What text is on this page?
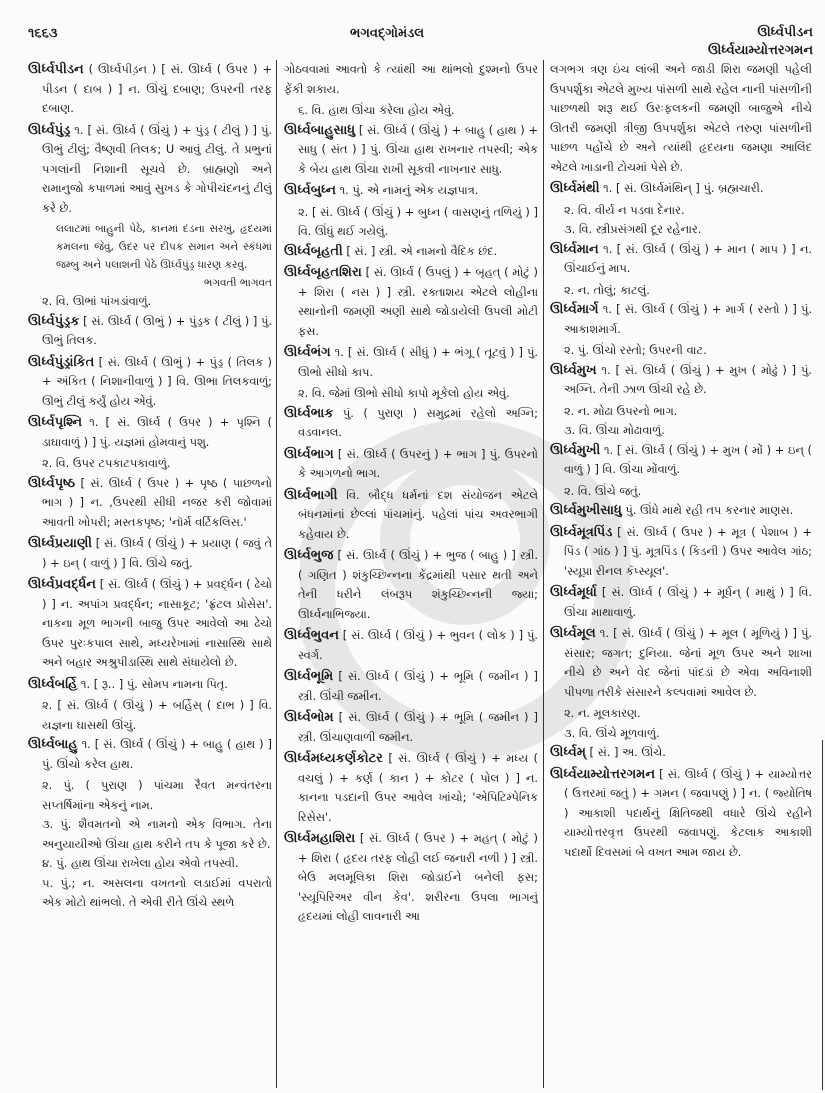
૧૬૬૩	ભગવદ્ગોમંડલ	ઊર્ધ્વપીડન
ઊર્ધ્વયામ્યોત્તરગમન
ઊર્ધ્વપીડન ( ઊર્ધ્વપીડ઼ન ) [ સં. ઊર્ધ્વ ( ઉપર ) + પીડન ( દાબ ) ] ન. ઊંચું દબાણ; ઉપરની તરફ દબાણ.
ઊર્ધ્વપુંડ્ર ૧. [ સં. ઊર્ધ્વ ( ઊંચું ) + પુંડ્ર ( ટીલું ) ] પું. ઊભું ટીલું; વૈષ્ણવી તિલક; U આવું ટીલું. તે પ્રભુનાં પગલાંની નિશાની સૂચવે છે. બ્રાહ્મણો અને રામાનુજો કપાળમાં આવું સુખડ કે ગોપીચંદનનું ટીલું કરે છે.
લલાટમાં બાહુની પેઠે, કાનમાં દંડના સરખું, હૃદયમાં કમલના જેવું, ઉદર પર દીપક સમાન અને સ્કંધમાં જમ્બુ અને પલાશની પેઠે ઊર્ધ્વપુંડ્ર ધારણ કરવું.
ભગવતી ભાગવત
૨. વિ. ઊભાં પાંખડાંવાળું.
ઊર્ધ્વપુંડ્રક [ સં. ઊર્ધ્વ ( ઊભું ) + પુંડ્રક ( ટીલું ) ] પું. ઊભું તિલક.
ઊર્ધ્વપુંડ્રાંકિત [ સં. ઊર્ધ્વ ( ઊભું ) + પુંડ્ર ( તિલક ) + અંકિત ( નિશાનીવાળું ) ] વિ. ઊભા તિલકવાળું; ઊભું ટીલું કર્યું હોય એવું.
ઊર્ધ્વપૃશ્નિ ૧. [ સં. ઊર્ધ્વ ( ઉપર ) + પૃશ્નિ ( ડાઘાવાળું ) ] પું. યજ્ઞમાં હોમવાનું પશુ.
૨. વિ. ઉપર ટપકાટપકાવાળું.
ઊર્ધ્વપૃષ્ઠ [ સં. ઊર્ધ્વ ( ઉપર ) + પૃષ્ઠ ( પાછળનો ભાગ ) ] ન. ,ઉપરથી સીધી નજર કરી જોવામાં આવતી ખોપરી; મસ્તકપૃષ્ઠ; 'નૉર્મ વર્ટિકલિસ.'
ઊર્ધ્વપ્રયાણી [ સં. ઊર્ધ્વ ( ઊંચું ) + પ્રયાણ ( જવું તે ) + ઇન્ ( વાળું ) ] વિ. ઊંચે જતું.
ઊર્ધ્વપ્રવર્દ્ધન [ સં. ઊર્ધ્વ ( ઊંચું ) + પ્રવર્દ્ધન ( ઢેચો ) ] ન. અપાંગ પ્રવર્દ્ધન; નાસાકૂટ; 'ફ્રંટલ પ્રોસેસ'. નાકના મૂળ ભાગની બાજુ ઉપર આવેલો આ ઢેચો ઉપર પુરઃકપાલ સાથે, મધ્યરેખામાં નાસાસ્થિ સાથે અને બહાર અશ્રુપીડાસ્થિ સાથે સંધાયેલો છે.
ઊર્ધ્વબર્હિ ૧. [ રૂ.. ] પું. સોમપ નામના પિતૃ.
૨. [ સં. ઊર્ધ્વ ( ઊંચું ) + બર્હિસ્ ( દાભ ) ] વિ. યજ્ઞના ઘાસથી ઊંચું.
ઊર્ધ્વબાહુ ૧. [ સં. ઊર્ધ્વ ( ઊંચું ) + બાહુ ( હાથ ) ] પું. ઊંચો કરેલ હાથ.
૨. પું. ( પુરાણ ) પાંચમા રૈવત મન્વંતરના સપ્તર્ષિમાંના એકનું નામ.
૩. પું. શૈવમતનો એ નામનો એક વિભાગ. તેના અનુયાયીઓ ઊંચા હાથ કરીને તપ કે પૂજા કરે છે.
૪. પું. હાથ ઊંચા રાખેલા હોય એવો તપસ્વી.
૫. પું.; ન. અસલના વખતનો લડાઈમાં વપરાતો એક મોટો થાંભલો. તે એવી રીતે ઊંચે સ્થળે
ગોઠવવામાં આવતો કે ત્યાંથી આ થાંભલો દુશ્મનો ઉપર ફેંકી શકાય.
૬. વિ. હાથ ઊંચા કરેલા હોય એવું.
ઊર્ધ્વબાહુસાધુ [ સં. ઊર્ધ્વ ( ઊંચું ) + બાહુ ( હાથ ) + સાધુ ( સંત ) ] પું. ઊંચા હાથ રાખનાર તપસ્વી; એક કે બેય હાથ ઊંચા રાખી સૂકવી નાખનાર સાધુ.
ઊર્ધ્વબુધ્ન ૧. પું. એ નામનું એક યજ્ઞપાત્ર.
૨. [ સં. ઊર્ધ્વ ( ઊંચું ) + બુધ્ન ( વાસણનું તળિયું ) ] વિ. ઊંધું થઈ ગયેલું.
ઊર્ધ્વબૃહતી [ સં. ] સ્ત્રી. એ નામનો વૈદિક છંદ.
ઊર્ધ્વબૃહતશિરા [ સં. ઊર્ધ્વ ( ઉપલું ) + બૃહત્ ( મોટું ) + શિરા ( નસ ) ] સ્ત્રી. રક્તાશય એટલે લોહીના સ્થાનોની જમણી અણી સાથે જોડાયેલી ઉપલી મોટી ફસ.
ઊર્ધ્વભંગ ૧. [ સં. ઊર્ધ્વ ( સીધું ) + ભંગૂ ( તૂટવું ) ] પું. ઊભો સીધો કાપ.
૨. વિ. જેમાં ઊભો સીધો કાપો મૂકેલો હોય એવું.
ઊર્ધ્વભાક પું. ( પુરાણ ) સમુદ્રમાં રહેલો અગ્નિ; વડવાનલ.
ઊર્ધ્વભાગ [ સં. ઊર્ધ્વ ( ઉપરનું ) + ભાગ ] પું. ઉપરનો કે આગળનો ભાગ.
ઊર્ધ્વભાગી વિ. બૌદ્ધ ધર્મનાં દશ સંયોજન એટલે બંધનમાંનાં છેલ્લાં પાંચમાંનું. પહેલાં પાંચ અવરભાગી કહેવાય છે.
ઊર્ધ્વભુજ [ સં. ઊર્ધ્વ ( ઊંચું ) + ભુજ ( બાહુ ) ] સ્ત્રી. ( ગણિત ) શંકુચ્છિન્નના કેંદ્રમાંથી પસાર થતી અને તેની ધરીને લંબરૂપ શંકુચ્છિન્નની જ્યા; ઊર્ધ્વનાભિજ્યા.
ઊર્ધ્વભુવન [ સં. ઊર્ધ્વ ( ઊંચું ) + ભુવન ( લોક ) ] પું. સ્વર્ગ.
ઊર્ધ્વભૂમિ [ સં. ઊર્ધ્વ ( ઊંચું ) + ભૂમિ ( જમીન ) ] સ્ત્રી. ઊંચી જમીન.
ઊર્ધ્વભોમ [ સં. ઊર્ધ્વ ( ઊંચું ) + ભૂમિ ( જમીન ) ] સ્ત્રી. ઊંચાણવાળી જમીન.
ઊર્ધ્વમધ્યકર્ણકોટર [ સં. ઊર્ધ્વ ( ઊંચું ) + મધ્ય ( વચલું ) + કર્ણ ( કાન ) + કોટર ( પોલ ) ] ન. કાનના પડદાની ઉપર આવેલ ખાંચો; 'એપિટિમ્પેનિક રિસેસ'.
ઊર્ધ્વમહાશિરા [ સં. ઊર્ધ્વ ( ઉપર ) + મહત્ ( મોટું ) + શિરા ( હૃદય તરફ લોહી લઈ જનારી નળી ) ] સ્ત્રી. બેઉ મલમૂલિકા શિરા જોડાઈને બનેલી ફસ; 'સ્યૂપિરિઅર વીન કેવ'. શરીરના ઉપલા ભાગનું હૃદયમાં લોહી લાવનારી આ
લગભગ ત્રણ ઇંચ લાંબી અને જાડી શિરા જમણી પહેલી ઉપપર્શુકા એટલે મુખ્ય પાંસળી સાથે રહેલ નાની પાંસળીની પાછળથી શરૂ થઈ ઉરઃફલકની જમણી બાજુએ નીચે ઊતરી જમણી ત્રીજી ઉપપર્શુકા એટલે તરુણ પાંસળીની પાછળ પહોંચે છે અને ત્યાંથી હૃદયના જમણા આલિંદ એટલે ખાડાની ટોચમાં પેસે છે.
ઊર્ધ્વમંથી ૧. [ સં. ઊર્ધ્વમંથિન્ ] પું. બ્રહ્મચારી.
૨. વિ. વીર્ય ન પડવા દેનાર.
૩. વિ. સ્ત્રીપ્રસંગથી દૂર રહેનાર.
ઊર્ધ્વમાન ૧. [ સં. ઊર્ધ્વ ( ઊંચું ) + માન ( માપ ) ] ન. ઊંચાઈનું માપ.
૨. ન. તોલું; કાટલું.
ઊર્ધ્વમાર્ગ ૧. [ સં. ઊર્ધ્વ ( ઊંચું ) + માર્ગ ( રસ્તો ) ] પું. આકાશમાર્ગ.
૨. પું. ઊંચો રસ્તો; ઉપરની વાટ.
ઊર્ધ્વમુખ ૧. [ સં. ઊર્ધ્વ ( ઊંચું ) + મુખ ( મોઢું ) ] પું. અગ્નિ. તેની ઝાળ ઊંચી રહે છે.
૨. ન. મોઢા ઉપરનો ભાગ.
૩. વિ. ઊંચા મોઢાવાળું.
ઊર્ધ્વમુખી ૧. [ સં. ઊર્ધ્વ ( ઊંચું ) + મુખ ( મોં ) + ઇન્ ( વાળું ) ] વિ. ઊંચા મોંવાળું.
૨. વિ. ઊંચે જતું.
ઊર્ધ્વમુખીસાધુ પું. ઊંધે માથે રહી તપ કરનાર માણસ.
ઊર્ધ્વમૂત્રપિંડ [ સં. ઊર્ધ્વ ( ઉપર ) + મૂત્ર ( પેશાબ ) + પિંડ ( ગાંઠ ) ] પું. મૂત્રપિંડ ( કિડની ) ઉપર આવેલ ગાંઠ; 'સ્યૂપ્રા રીનલ કૅપ્સ્યૂલ'.
ઊર્ધ્વમૂર્ધા [ સં. ઊર્ધ્વ ( ઊંચું ) + મૂર્ધન્ ( માથું ) ] વિ. ઊંચા માથાવાળું.
ઊર્ધ્વમૂલ ૧. [ સં. ઊર્ધ્વ ( ઊંચું ) + મૂલ ( મૂળિયું ) ] પું. સંસાર; જગત; દુનિયા. જેનાં મૂળ ઉપર અને શાખા નીચે છે અને વેદ જેનાં પાંદડાં છે એવા અવિનાશી પીપળા તરીકે સંસારને કલ્પવામાં આવેલ છે.
૨. ન. મૂલકારણ.
૩. વિ. ઊંચે મૂળવાળું.
ઊર્ધ્વમ્ [ સં. ] અ. ઊંચે.
ઊર્ધ્વયામ્યોત્તરગમન [ સં. ઊર્ધ્વ ( ઊંચું ) + યામ્યોત્તર ( ઉત્તરમાં જતું ) + ગમન ( જવાપણું ) ] ન. ( જ્યોતિષ ) આકાશી પદાર્થનું ક્ષિતિજથી વધારે ઊંચે રહીને યામ્યોત્તરવૃત્ત ઉપરથી જવાપણું. કેટલાક આકાશી પદાર્થો દિવસમાં બે વખત આમ જાય છે.
